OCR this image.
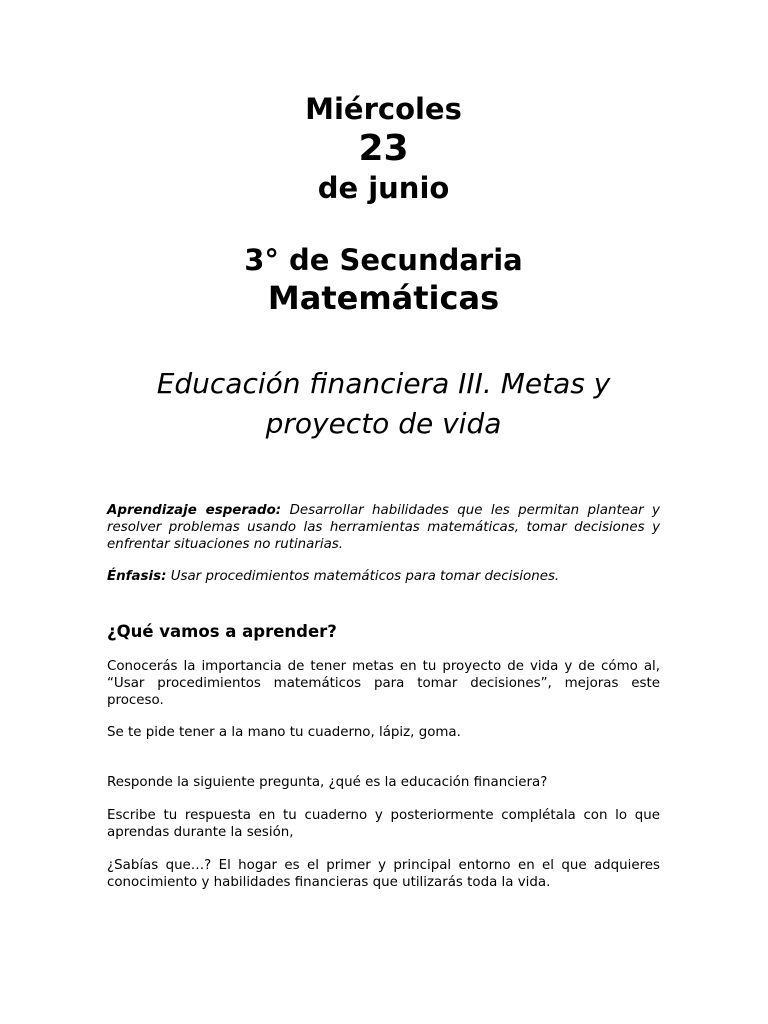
Miércoles
23
de junio
3° de Secundaria
Matemáticas
Educación financiera III. Metas y
proyecto de vida
Aprendizaje esperado: Desarrollar habilidades que les permitan plantear y resolver problemas usando las herramientas matemáticas, tomar decisiones y enfrentar situaciones no rutinarias.
Énfasis: Usar procedimientos matemáticos para tomar decisiones.
¿Qué vamos a aprender?
Conocerás la importancia de tener metas en tu proyecto de vida y de cómo al, “Usar procedimientos matemáticos para tomar decisiones”, mejoras este proceso.
Se te pide tener a la mano tu cuaderno, lápiz, goma.
Responde la siguiente pregunta, ¿qué es la educación financiera?
Escribe tu respuesta en tu cuaderno y posteriormente complétala con lo que aprendas durante la sesión,
¿Sabías que…? El hogar es el primer y principal entorno en el que adquieres conocimiento y habilidades financieras que utilizarás toda la vida.
